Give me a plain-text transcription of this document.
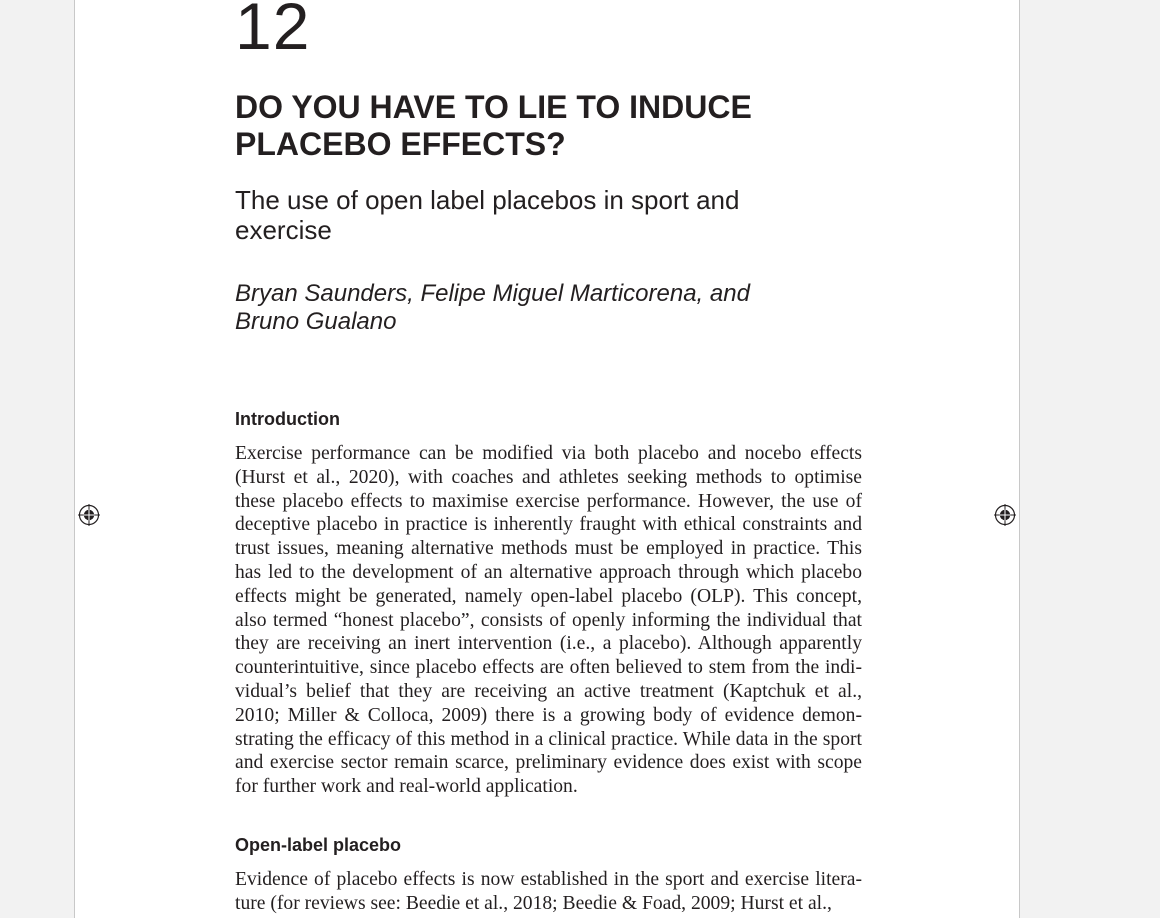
12
DO YOU HAVE TO LIE TO INDUCE PLACEBO EFFECTS?
The use of open label placebos in sport and exercise

Bryan Saunders, Felipe Miguel Marticorena, and Bruno Gualano

Introduction

Exercise performance can be modified via both placebo and nocebo effects (Hurst et al., 2020), with coaches and athletes seeking methods to optimise these placebo effects to maximise exercise performance. However, the use of deceptive placebo in practice is inherently fraught with ethical constraints and trust issues, meaning alternative methods must be employed in practice. This has led to the development of an alternative approach through which placebo effects might be generated, namely open-label placebo (OLP). This concept, also termed “honest placebo”, consists of openly informing the individual that they are receiving an inert intervention (i.e., a placebo). Although apparently counterintuitive, since placebo effects are often believed to stem from the individual’s belief that they are receiving an active treatment (Kaptchuk et al., 2010; Miller & Colloca, 2009) there is a growing body of evidence demonstrating the efficacy of this method in a clinical practice. While data in the sport and exercise sector remain scarce, preliminary evidence does exist with scope for further work and real-world application.

Open-label placebo

Evidence of placebo effects is now established in the sport and exercise literature (for reviews see: Beedie et al., 2018; Beedie & Foad, 2009; Hurst et al.,
